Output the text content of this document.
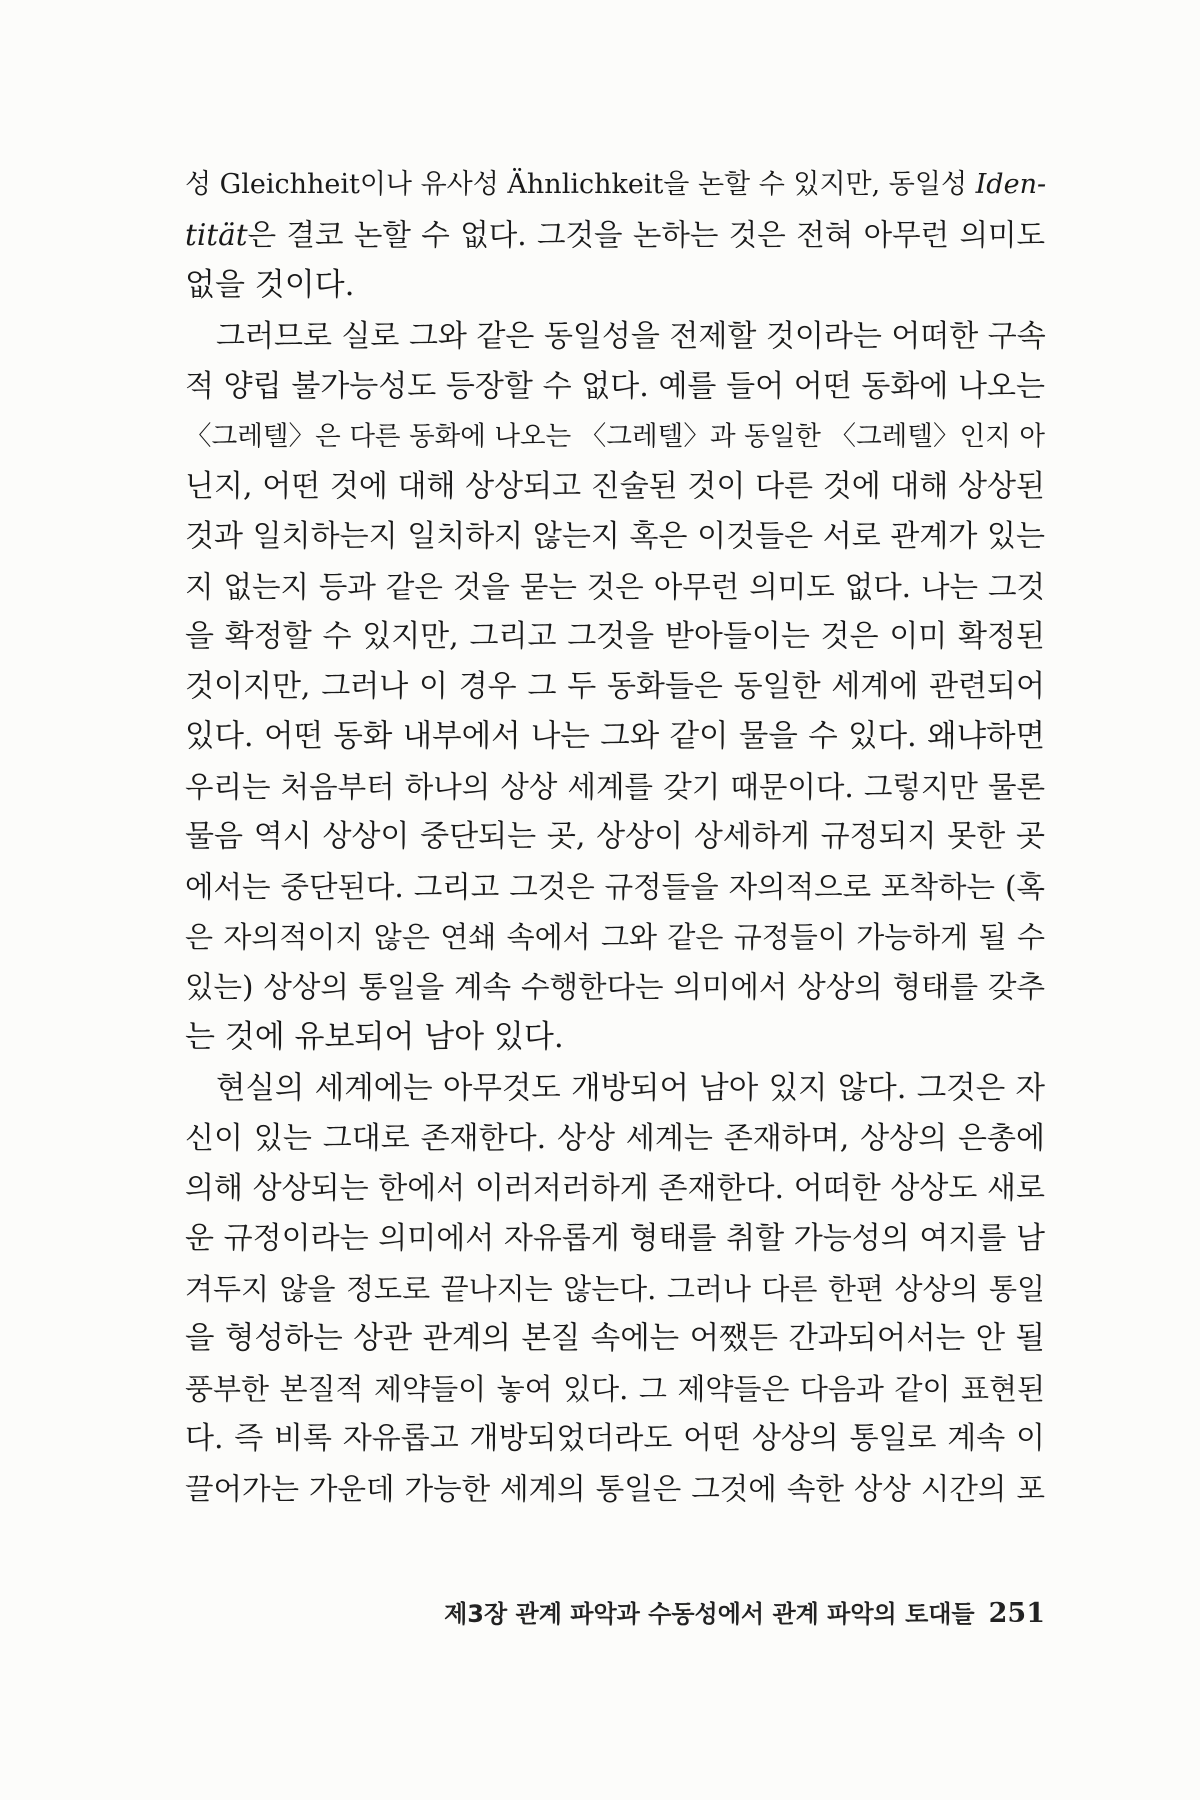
성 Gleichheit이나 유사성 Ähnlichkeit을 논할 수 있지만, 동일성 Iden-
tität은 결코 논할 수 없다. 그것을 논하는 것은 전혀 아무런 의미도
없을 것이다.
그러므로 실로 그와 같은 동일성을 전제할 것이라는 어떠한 구속
적 양립 불가능성도 등장할 수 없다. 예를 들어 어떤 동화에 나오는
〈그레텔〉은 다른 동화에 나오는 〈그레텔〉과 동일한 〈그레텔〉인지 아
닌지, 어떤 것에 대해 상상되고 진술된 것이 다른 것에 대해 상상된
것과 일치하는지 일치하지 않는지 혹은 이것들은 서로 관계가 있는
지 없는지 등과 같은 것을 묻는 것은 아무런 의미도 없다. 나는 그것
을 확정할 수 있지만, 그리고 그것을 받아들이는 것은 이미 확정된
것이지만, 그러나 이 경우 그 두 동화들은 동일한 세계에 관련되어
있다. 어떤 동화 내부에서 나는 그와 같이 물을 수 있다. 왜냐하면
우리는 처음부터 하나의 상상 세계를 갖기 때문이다. 그렇지만 물론
물음 역시 상상이 중단되는 곳, 상상이 상세하게 규정되지 못한 곳
에서는 중단된다. 그리고 그것은 규정들을 자의적으로 포착하는 (혹
은 자의적이지 않은 연쇄 속에서 그와 같은 규정들이 가능하게 될 수
있는) 상상의 통일을 계속 수행한다는 의미에서 상상의 형태를 갖추
는 것에 유보되어 남아 있다.
현실의 세계에는 아무것도 개방되어 남아 있지 않다. 그것은 자
신이 있는 그대로 존재한다. 상상 세계는 존재하며, 상상의 은총에
의해 상상되는 한에서 이러저러하게 존재한다. 어떠한 상상도 새로
운 규정이라는 의미에서 자유롭게 형태를 취할 가능성의 여지를 남
겨두지 않을 정도로 끝나지는 않는다. 그러나 다른 한편 상상의 통일
을 형성하는 상관 관계의 본질 속에는 어쨌든 간과되어서는 안 될
풍부한 본질적 제약들이 놓여 있다. 그 제약들은 다음과 같이 표현된
다. 즉 비록 자유롭고 개방되었더라도 어떤 상상의 통일로 계속 이
끌어가는 가운데 가능한 세계의 통일은 그것에 속한 상상 시간의 포
제3장 관계 파악과 수동성에서 관계 파악의 토대들 251
